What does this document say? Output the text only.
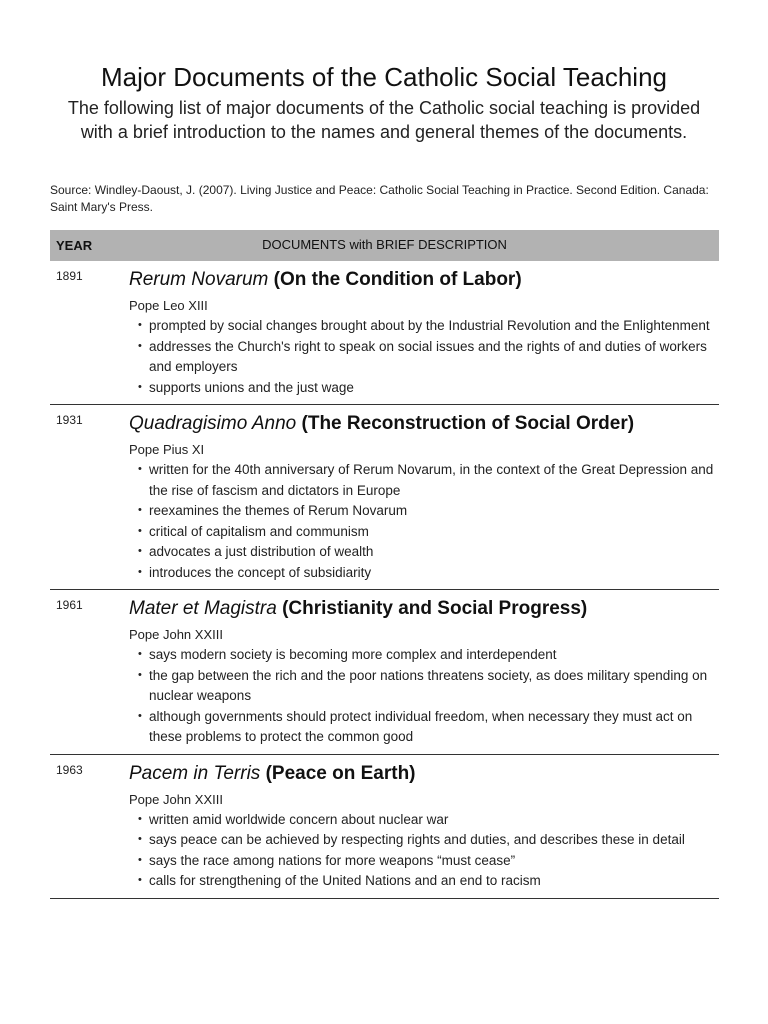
Major Documents of the Catholic Social Teaching
The following list of major documents of the Catholic social teaching is provided with a brief introduction to the names and general themes of the documents.
Source: Windley-Daoust, J. (2007). Living Justice and Peace: Catholic Social Teaching in Practice. Second Edition. Canada: Saint Mary's Press.
YEAR	DOCUMENTS with BRIEF DESCRIPTION
1891 Rerum Novarum (On the Condition of Labor)
Pope Leo XIII
• prompted by social changes brought about by the Industrial Revolution and the Enlightenment
• addresses the Church's right to speak on social issues and the rights of and duties of workers and employers
• supports unions and the just wage
1931 Quadragisimo Anno (The Reconstruction of Social Order)
Pope Pius XI
• written for the 40th anniversary of Rerum Novarum, in the context of the Great Depression and the rise of fascism and dictators in Europe
• reexamines the themes of Rerum Novarum
• critical of capitalism and communism
• advocates a just distribution of wealth
• introduces the concept of subsidiarity
1961 Mater et Magistra (Christianity and Social Progress)
Pope John XXIII
• says modern society is becoming more complex and interdependent
• the gap between the rich and the poor nations threatens society, as does military spending on nuclear weapons
• although governments should protect individual freedom, when necessary they must act on these problems to protect the common good
1963 Pacem in Terris (Peace on Earth)
Pope John XXIII
• written amid worldwide concern about nuclear war
• says peace can be achieved by respecting rights and duties, and describes these in detail
• says the race among nations for more weapons “must cease”
• calls for strengthening of the United Nations and an end to racism
